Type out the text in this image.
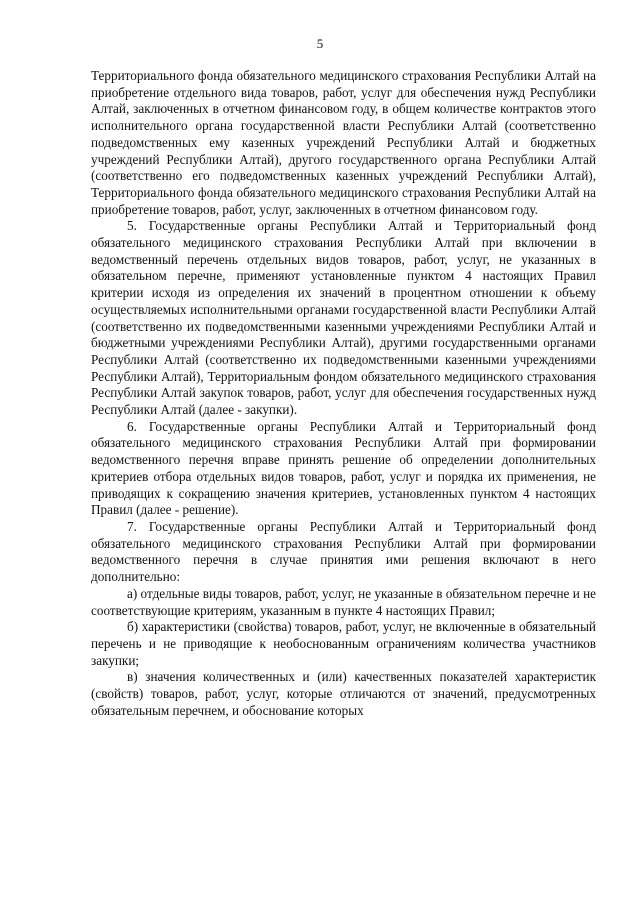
5

Территориального фонда обязательного медицинского страхования Республики Алтай на приобретение отдельного вида товаров, работ, услуг для обеспечения нужд Республики Алтай, заключенных в отчетном финансовом году, в общем количестве контрактов этого исполнительного органа государственной власти Республики Алтай (соответственно подведомственных ему казенных учреждений Республики Алтай и бюджетных учреждений Республики Алтай), другого государственного органа Республики Алтай (соответственно его подведомственных казенных учреждений Республики Алтай), Территориального фонда обязательного медицинского страхования Республики Алтай на приобретение товаров, работ, услуг, заключенных в отчетном финансовом году.

5. Государственные органы Республики Алтай и Территориальный фонд обязательного медицинского страхования Республики Алтай при включении в ведомственный перечень отдельных видов товаров, работ, услуг, не указанных в обязательном перечне, применяют установленные пунктом 4 настоящих Правил критерии исходя из определения их значений в процентном отношении к объему осуществляемых исполнительными органами государственной власти Республики Алтай (соответственно их подведомственными казенными учреждениями Республики Алтай и бюджетными учреждениями Республики Алтай), другими государственными органами Республики Алтай (соответственно их подведомственными казенными учреждениями Республики Алтай), Территориальным фондом обязательного медицинского страхования Республики Алтай закупок товаров, работ, услуг для обеспечения государственных нужд Республики Алтай (далее - закупки).

6. Государственные органы Республики Алтай и Территориальный фонд обязательного медицинского страхования Республики Алтай при формировании ведомственного перечня вправе принять решение об определении дополнительных критериев отбора отдельных видов товаров, работ, услуг и порядка их применения, не приводящих к сокращению значения критериев, установленных пунктом 4 настоящих Правил (далее - решение).

7. Государственные органы Республики Алтай и Территориальный фонд обязательного медицинского страхования Республики Алтай при формировании ведомственного перечня в случае принятия ими решения включают в него дополнительно:

а) отдельные виды товаров, работ, услуг, не указанные в обязательном перечне и не соответствующие критериям, указанным в пункте 4 настоящих Правил;

б) характеристики (свойства) товаров, работ, услуг, не включенные в обязательный перечень и не приводящие к необоснованным ограничениям количества участников закупки;

в) значения количественных и (или) качественных показателей характеристик (свойств) товаров, работ, услуг, которые отличаются от значений, предусмотренных обязательным перечнем, и обоснование которых
